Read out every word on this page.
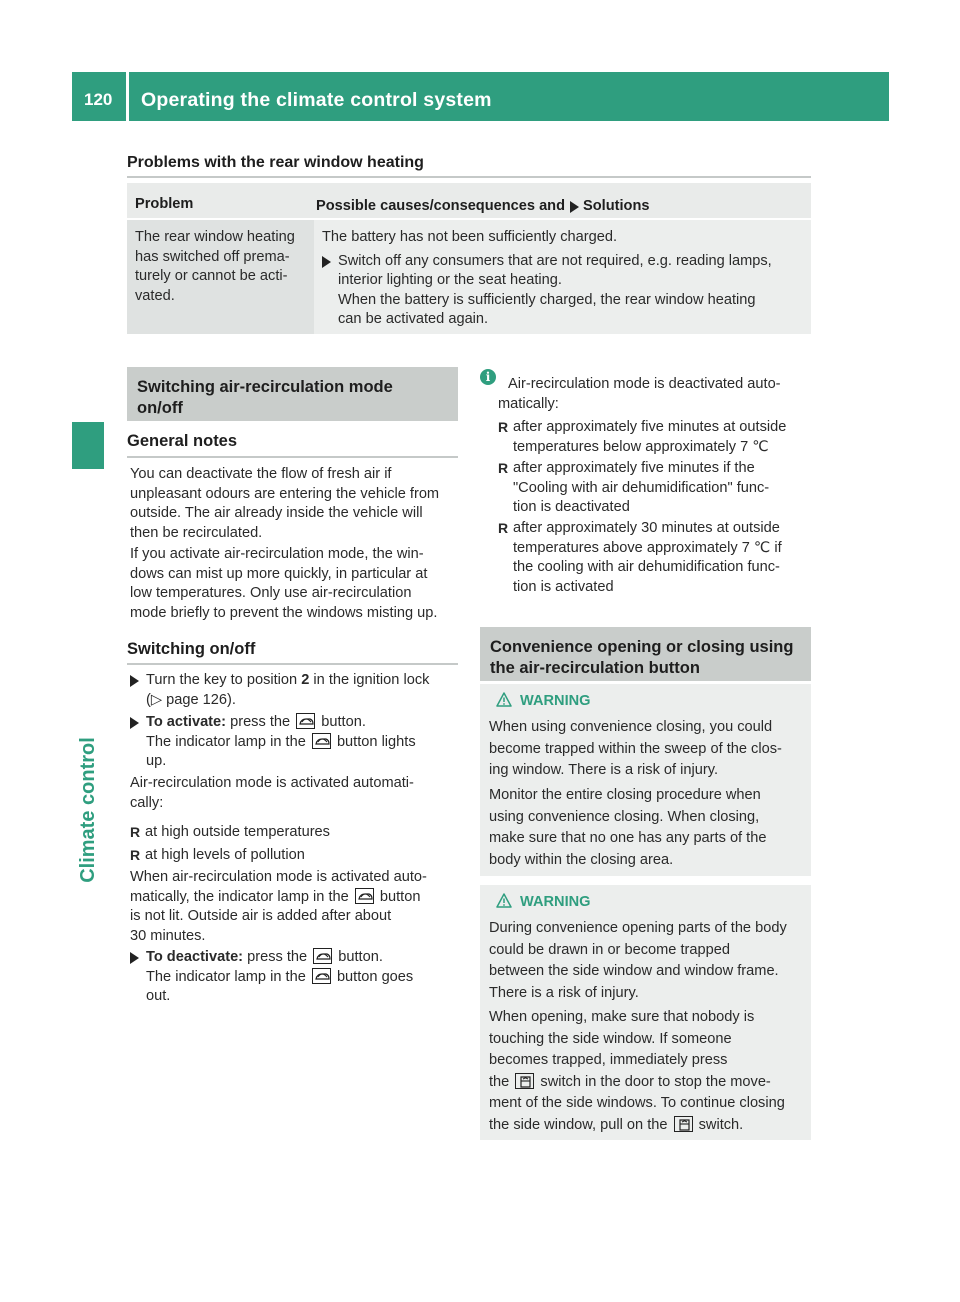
120 Operating the climate control system
Climate control
Problems with the rear window heating
Problem	Possible causes/consequences and Solutions
The rear window heating
has switched off prema-
turely or cannot be acti-
vated.
The battery has not been sufficiently charged.
Switch off any consumers that are not required, e.g. reading lamps,
interior lighting or the seat heating.
When the battery is sufficiently charged, the rear window heating
can be activated again.
Switching air-recirculation mode
on/off
General notes
You can deactivate the flow of fresh air if
unpleasant odours are entering the vehicle from
outside. The air already inside the vehicle will
then be recirculated.
If you activate air-recirculation mode, the win-
dows can mist up more quickly, in particular at
low temperatures. Only use air-recirculation
mode briefly to prevent the windows misting up.
Switching on/off
Turn the key to position 2 in the ignition lock
(▷ page 126).
To activate: press the button.
The indicator lamp in the button lights
up.
Air-recirculation mode is activated automati-
cally:
R at high outside temperatures
R at high levels of pollution
When air-recirculation mode is activated auto-
matically, the indicator lamp in the button
is not lit. Outside air is added after about
30 minutes.
To deactivate: press the button.
The indicator lamp in the button goes
out.
i	Air-recirculation mode is deactivated auto-
matically:
R after approximately five minutes at outside
temperatures below approximately 7 ℃
R after approximately five minutes if the
"Cooling with air dehumidification" func-
tion is deactivated
R after approximately 30 minutes at outside
temperatures above approximately 7 ℃ if
the cooling with air dehumidification func-
tion is activated
Convenience opening or closing using
the air-recirculation button
WARNING
When using convenience closing, you could
become trapped within the sweep of the clos-
ing window. There is a risk of injury.
Monitor the entire closing procedure when
using convenience closing. When closing,
make sure that no one has any parts of the
body within the closing area.
WARNING
During convenience opening parts of the body
could be drawn in or become trapped
between the side window and window frame.
There is a risk of injury.
When opening, make sure that nobody is
touching the side window. If someone
becomes trapped, immediately press
the switch in the door to stop the move-
ment of the side windows. To continue closing
the side window, pull on the switch.
